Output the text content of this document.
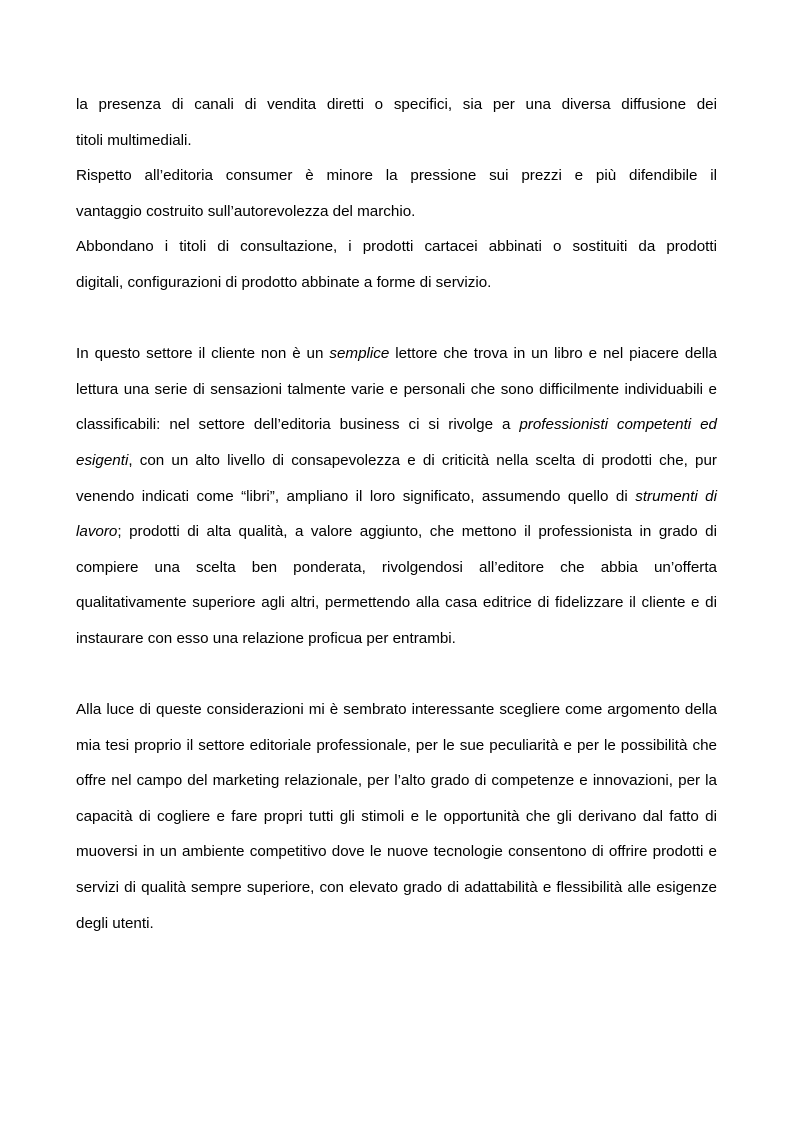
la presenza di canali di vendita diretti o specifici, sia per una diversa diffusione dei
titoli multimediali.

Rispetto all’editoria consumer è minore la pressione sui prezzi e più difendibile il
vantaggio costruito sull’autorevolezza del marchio.

Abbondano i titoli di consultazione, i prodotti cartacei abbinati o sostituiti da prodotti
digitali, configurazioni di prodotto abbinate a forme di servizio.

In questo settore il cliente non è un semplice lettore che trova in un libro e nel piacere della lettura una serie di sensazioni talmente varie e personali che sono difficilmente individuabili e classificabili: nel settore dell’editoria business ci si rivolge a professionisti competenti ed esigenti, con un alto livello di consapevolezza e di criticità nella scelta di prodotti che, pur venendo indicati come “libri”, ampliano il loro significato, assumendo quello di strumenti di lavoro; prodotti di alta qualità, a valore aggiunto, che mettono il professionista in grado di compiere una scelta ben ponderata, rivolgendosi all’editore che abbia un’offerta qualitativamente superiore agli altri, permettendo alla casa editrice di fidelizzare il cliente e di instaurare con esso una relazione proficua per entrambi.

Alla luce di queste considerazioni mi è sembrato interessante scegliere come argomento della mia tesi proprio il settore editoriale professionale, per le sue peculiarità e per le possibilità che offre nel campo del marketing relazionale, per l’alto grado di competenze e innovazioni, per la capacità di cogliere e fare propri tutti gli stimoli e le opportunità che gli derivano dal fatto di muoversi in un ambiente competitivo dove le nuove tecnologie consentono di offrire prodotti e servizi di qualità sempre superiore, con elevato grado di adattabilità e flessibilità alle esigenze degli utenti.
